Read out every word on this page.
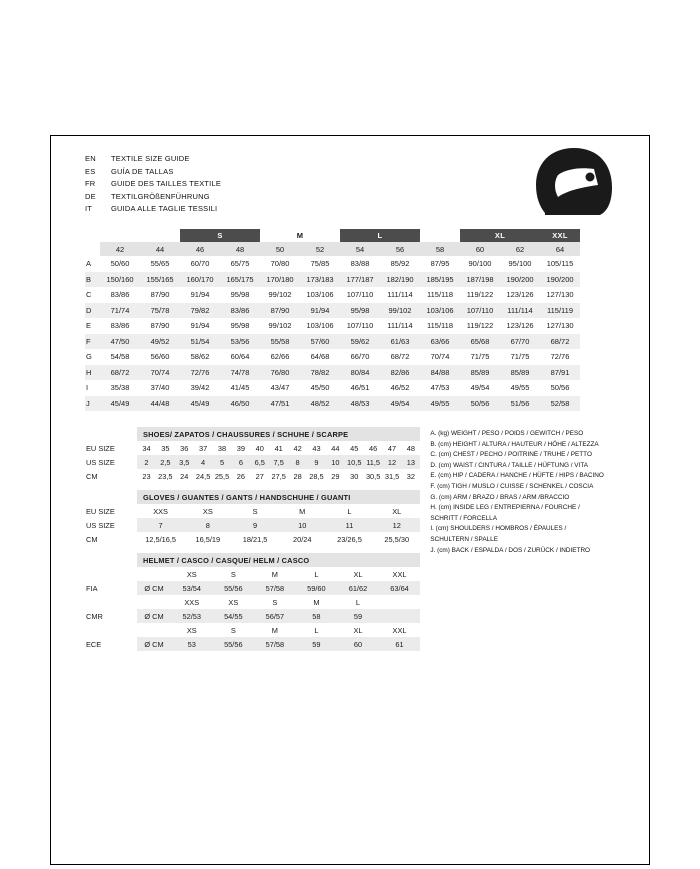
EN	TEXTILE SIZE GUIDE
ES	GUÍA DE TALLAS
FR	GUIDE DES TAILLES TEXTILE
DE	TEXTILGRÖßENFÜHRUNG
IT	GUIDA ALLE TAGLIE TESSILI
			S		M		L			XL		XXL	
	42	44	46	48	50	52	54	56	58	60	62	64	
A	50/60	55/65	60/70	65/75	70/80	75/85	83/88	85/92	87/95	90/100	95/100	105/115	
B	150/160	155/165	160/170	165/175	170/180	173/183	177/187	182/190	185/195	187/198	190/200	190/200	
C	83/86	87/90	91/94	95/98	99/102	103/106	107/110	111/114	115/118	119/122	123/126	127/130	
D	71/74	75/78	79/82	83/86	87/90	91/94	95/98	99/102	103/106	107/110	111/114	115/119	
E	83/86	87/90	91/94	95/98	99/102	103/106	107/110	111/114	115/118	119/122	123/126	127/130	
F	47/50	49/52	51/54	53/56	55/58	57/60	59/62	61/63	63/66	65/68	67/70	68/72	
G	54/58	56/60	58/62	60/64	62/66	64/68	66/70	68/72	70/74	71/75	71/75	72/76	
H	68/72	70/74	72/76	74/78	76/80	78/82	80/84	82/86	84/88	85/89	85/89	87/91	
I	35/38	37/40	39/42	41/45	43/47	45/50	46/51	46/52	47/53	49/54	49/55	50/56	
J	45/49	44/48	45/49	46/50	47/51	48/52	48/53	49/54	49/55	50/56	51/56	52/58	
SHOES/ ZAPATOS / CHAUSSURES / SCHUHE / SCARPE
EU SIZE	34	35	36	37	38	39	40	41	42	43	44	45	46	47	48
US SIZE	2	2,5	3,5	4	5	6	6,5	7,5	8	9	10	10,5	11,5	12	13
CM	23	23,5	24	24,5	25,5	26	27	27,5	28	28,5	29	30	30,5	31,5	32
GLOVES / GUANTES / GANTS / HANDSCHUHE / GUANTI
EU SIZE	XXS	XS	S	M	L	XL
US SIZE	7	8	9	10	11	12
CM	12,5/16,5	16,5/19	18/21,5	20/24	23/26,5	25,5/30
HELMET / CASCO / CASQUE/ HELM / CASCO
		XS	S	M	L	XL	XXL
FIA	Ø CM	53/54	55/56	57/58	59/60	61/62	63/64
		XXS	XS	S	M	L	
CMR	Ø CM	52/53	54/55	56/57	58	59	
		XS	S	M	L	XL	XXL
ECE	Ø CM	53	55/56	57/58	59	60	61
A. (kg) WEIGHT / PESO / POIDS / GEWITCH / PESO
B. (cm) HEIGHT / ALTURA / HAUTEUR / HÖHE / ALTEZZA
C. (cm) CHEST / PECHO / POITRINE / TRUHE / PETTO
D. (cm) WAIST / CINTURA / TAILLE / HÜFTUNG / VITA
E. (cm) HIP / CADERA / HANCHE / HÜFTE / HIPS / BACINO
F. (cm) TIGH / MUSLO / CUISSE / SCHENKEL / COSCIA
G. (cm) ARM / BRAZO / BRAS / ARM /BRACCIO
H. (cm) INSIDE LEG / ENTREPIERNA / FOURCHE /
SCHRITT / FORCELLA
I. (cm) SHOULDERS / HOMBROS / ÉPAULES /
SCHULTERN / SPALLE
J. (cm) BACK / ESPALDA / DOS / ZURÜCK / INDIETRO
